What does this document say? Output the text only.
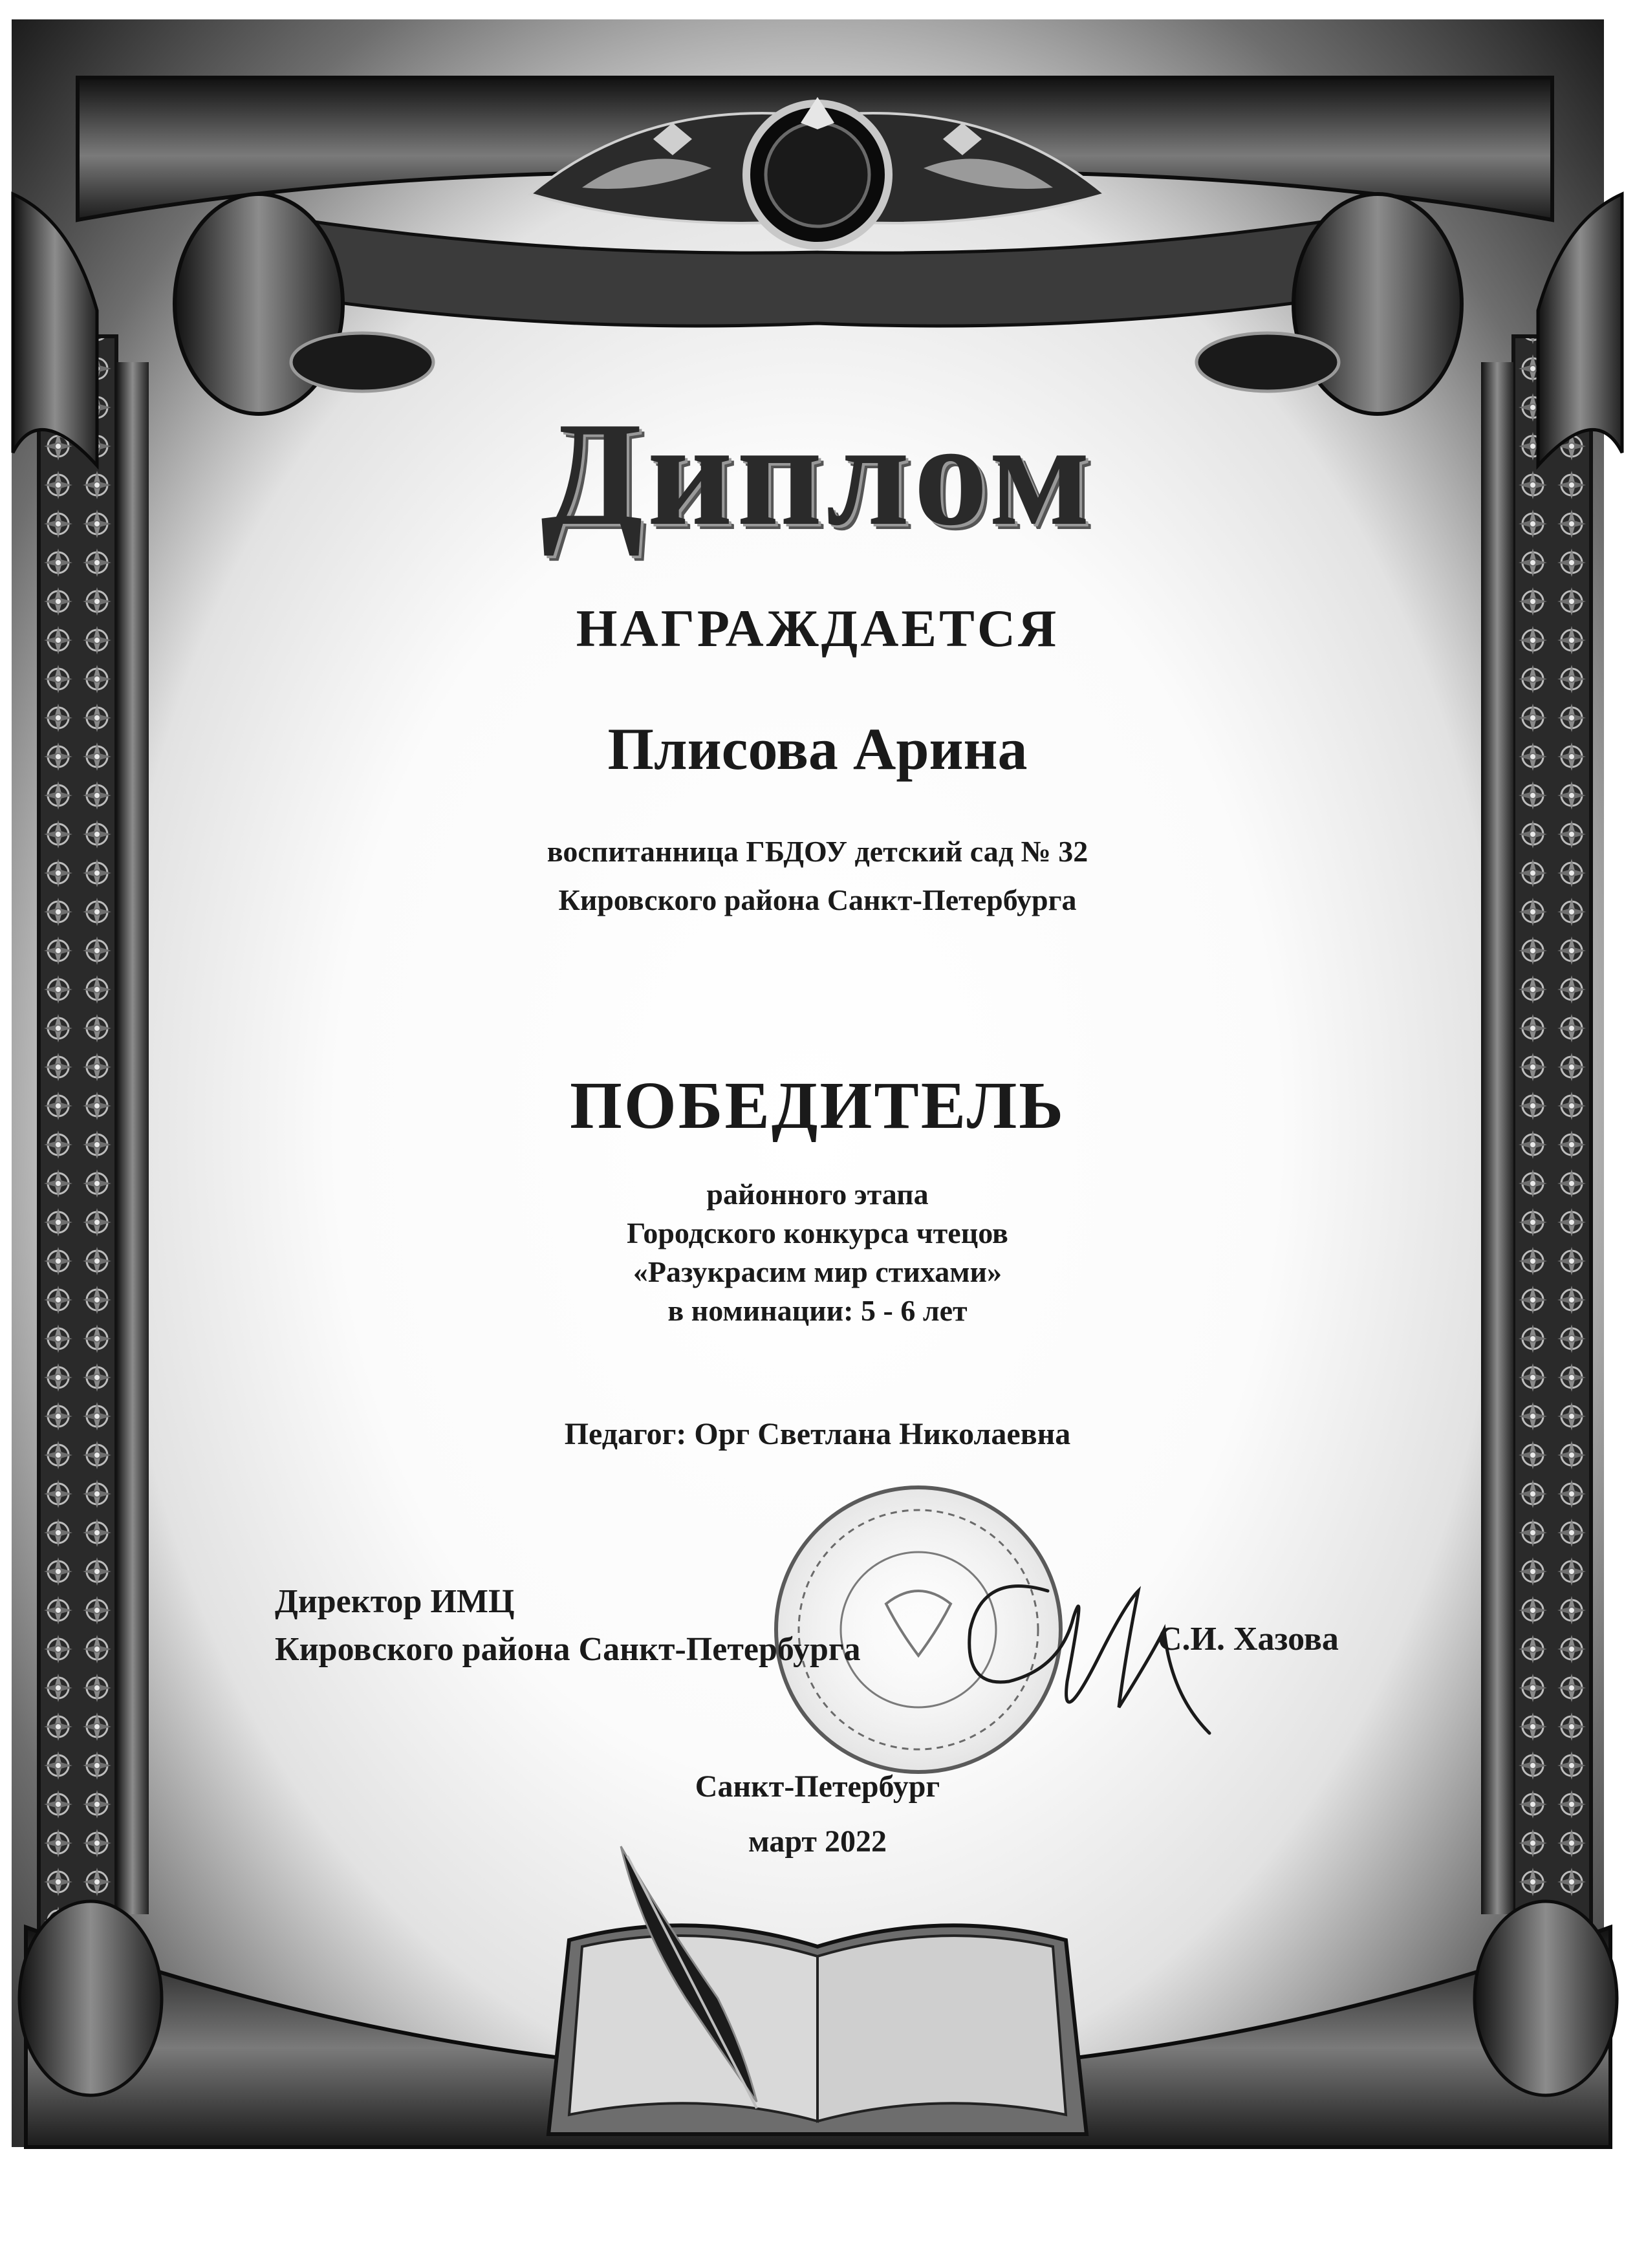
Диплом

НАГРАЖДАЕТСЯ

Плисова Арина

воспитанница ГБДОУ детский сад № 32

Кировского района Санкт-Петербурга

ПОБЕДИТЕЛЬ

районного этапа

Городского конкурса чтецов

«Разукрасим мир стихами»

в номинации: 5 - 6 лет

Педагог: Орг Светлана Николаевна

Директор ИМЦ
Кировского района Санкт-Петербурга	С.И. Хазова

Санкт-Петербург

март 2022
